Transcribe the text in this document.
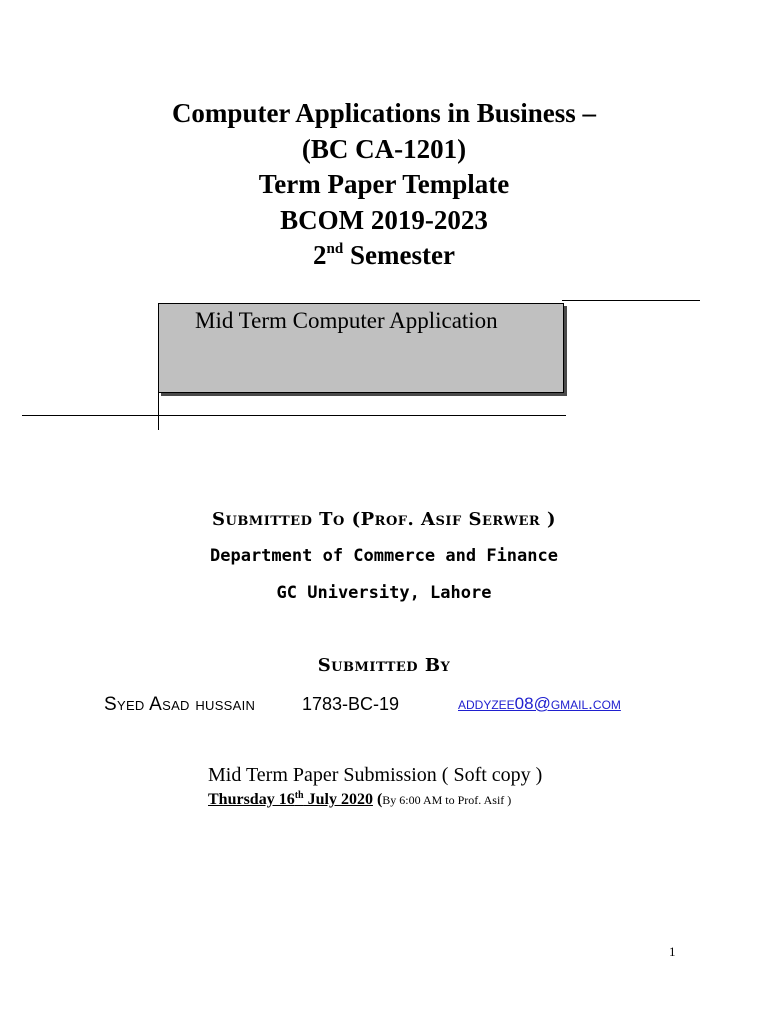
Computer Applications in Business –
(BC CA-1201)
Term Paper Template
BCOM 2019-2023
2nd Semester
Mid Term Computer Application
Submitted To (Prof. Asif Serwer )
Department of Commerce and Finance
GC University, Lahore
Submitted By
Syed Asad hussain	1783-BC-19	addyzee08@gmail.com
Mid Term Paper Submission ( Soft copy )
Thursday 16th July 2020 (By 6:00 AM to Prof. Asif )
1
